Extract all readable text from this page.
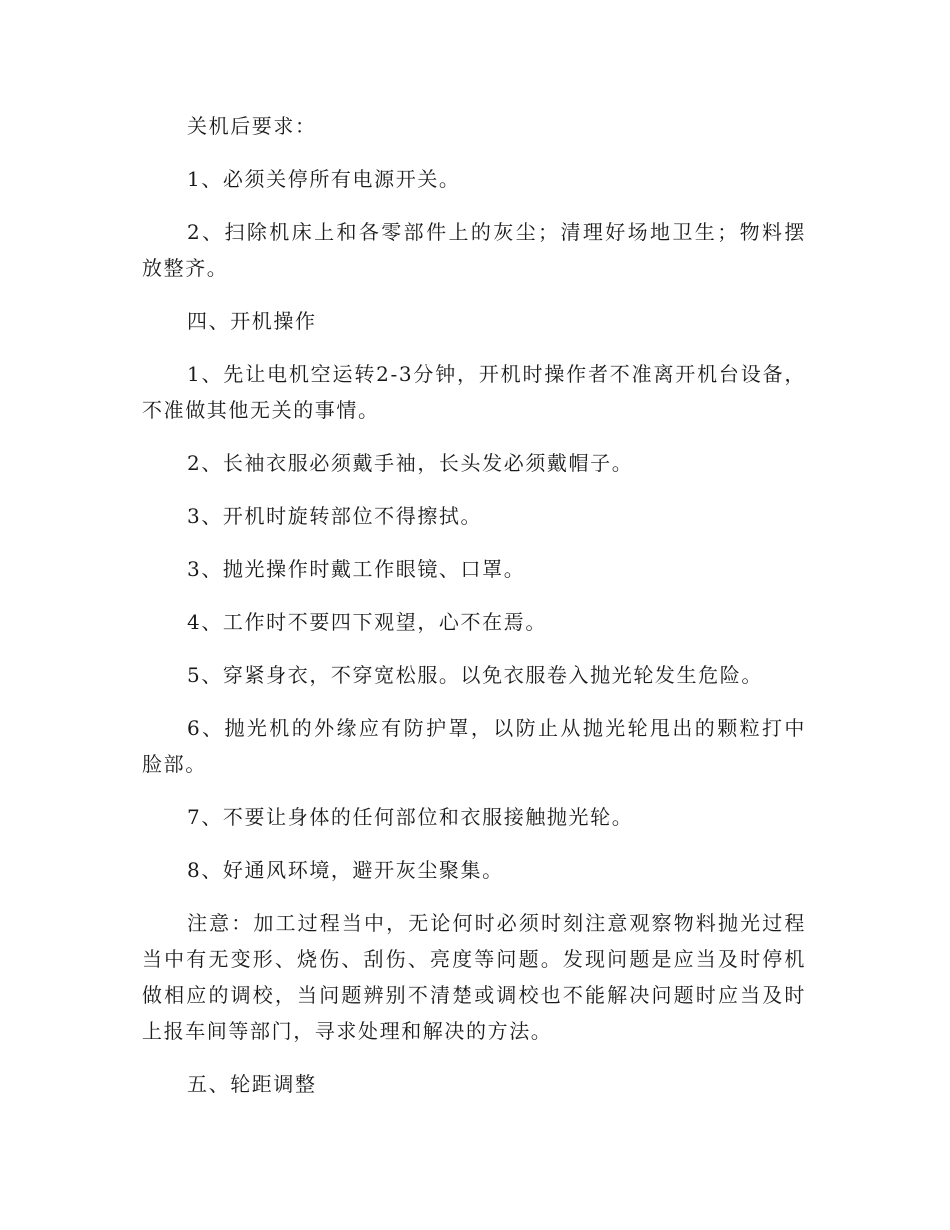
关机后要求：

1、必须关停所有电源开关。

2、扫除机床上和各零部件上的灰尘；清理好场地卫生；物料摆放整齐。

四、开机操作

1、先让电机空运转2-3分钟，开机时操作者不准离开机台设备，不准做其他无关的事情。

2、长袖衣服必须戴手袖，长头发必须戴帽子。

3、开机时旋转部位不得擦拭。

3、抛光操作时戴工作眼镜、口罩。

4、工作时不要四下观望，心不在焉。

5、穿紧身衣，不穿宽松服。以免衣服卷入抛光轮发生危险。

6、抛光机的外缘应有防护罩，以防止从抛光轮甩出的颗粒打中脸部。

7、不要让身体的任何部位和衣服接触抛光轮。

8、好通风环境，避开灰尘聚集。

注意：加工过程当中，无论何时必须时刻注意观察物料抛光过程当中有无变形、烧伤、刮伤、亮度等问题。发现问题是应当及时停机做相应的调校，当问题辨别不清楚或调校也不能解决问题时应当及时上报车间等部门，寻求处理和解决的方法。

五、轮距调整
